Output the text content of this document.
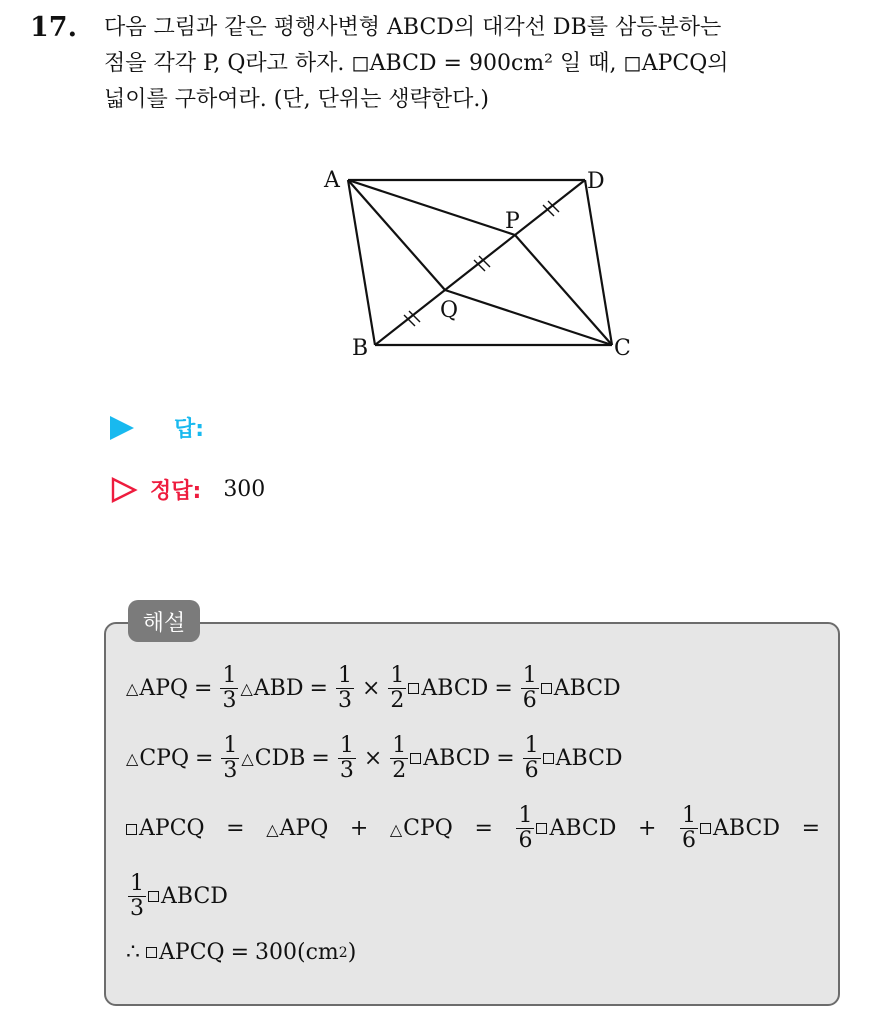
17. 다음 그림과 같은 평행사변형 ABCD의 대각선 DB를 삼등분하는
점을 각각 P, Q라고 하자. ◻ABCD = 900cm² 일 때, ◻APCQ의
넓이를 구하여라. (단, 단위는 생략한다.)
A	D
B	C
P
Q
답:
정답: 300
해설
△ APQ = $\frac{1}{3}$ △ ABD = $\frac{1}{3} \times \frac{1}{2}$ ABCD = $\frac{1}{6}$ ABCD
△ CPQ = $\frac{1}{3}$ △ CDB = $\frac{1}{3} \times \frac{1}{2}$ ABCD = $\frac{1}{6}$ ABCD
APCQ = △APQ + △CPQ = $\frac{1}{6}$ ABCD + $\frac{1}{6}$ ABCD =
$\frac{1}{3}$ ABCD
∴ APCQ = 300(cm 2 )
